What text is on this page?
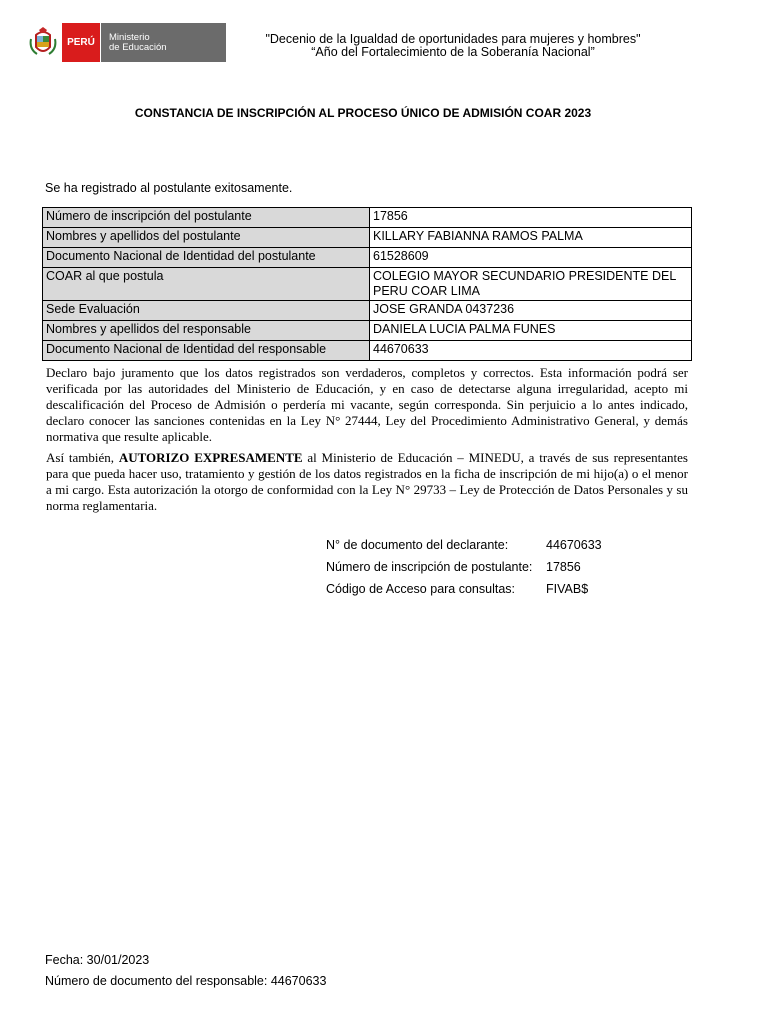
PERÚ	Ministerio
de Educación
"Decenio de la Igualdad de oportunidades para mujeres y hombres"
“Año del Fortalecimiento de la Soberanía Nacional”
CONSTANCIA DE INSCRIPCIÓN AL PROCESO ÚNICO DE ADMISIÓN COAR 2023
Se ha registrado al postulante exitosamente.
Número de inscripción del postulante	17856
Nombres y apellidos del postulante	KILLARY FABIANNA RAMOS PALMA
Documento Nacional de Identidad del postulante	61528609
COAR al que postula	COLEGIO MAYOR SECUNDARIO PRESIDENTE DEL PERU COAR LIMA
Sede Evaluación	JOSE GRANDA 0437236
Nombres y apellidos del responsable	DANIELA LUCIA PALMA FUNES
Documento Nacional de Identidad del responsable	44670633
Declaro bajo juramento que los datos registrados son verdaderos, completos y correctos. Esta información podrá ser verificada por las autoridades del Ministerio de Educación, y en caso de detectarse alguna irregularidad, acepto mi descalificación del Proceso de Admisión o perdería mi vacante, según corresponda. Sin perjuicio a lo antes indicado, declaro conocer las sanciones contenidas en la Ley N° 27444, Ley del Procedimiento Administrativo General, y demás normativa que resulte aplicable.
Así también, AUTORIZO EXPRESAMENTE al Ministerio de Educación – MINEDU, a través de sus representantes para que pueda hacer uso, tratamiento y gestión de los datos registrados en la ficha de inscripción de mi hijo(a) o el menor a mi cargo. Esta autorización la otorgo de conformidad con la Ley N° 29733 – Ley de Protección de Datos Personales y su norma reglamentaria.
N° de documento del declarante:	44670633
Número de inscripción de postulante:	17856
Código de Acceso para consultas:	FIVAB$
Fecha: 30/01/2023
Número de documento del responsable: 44670633
